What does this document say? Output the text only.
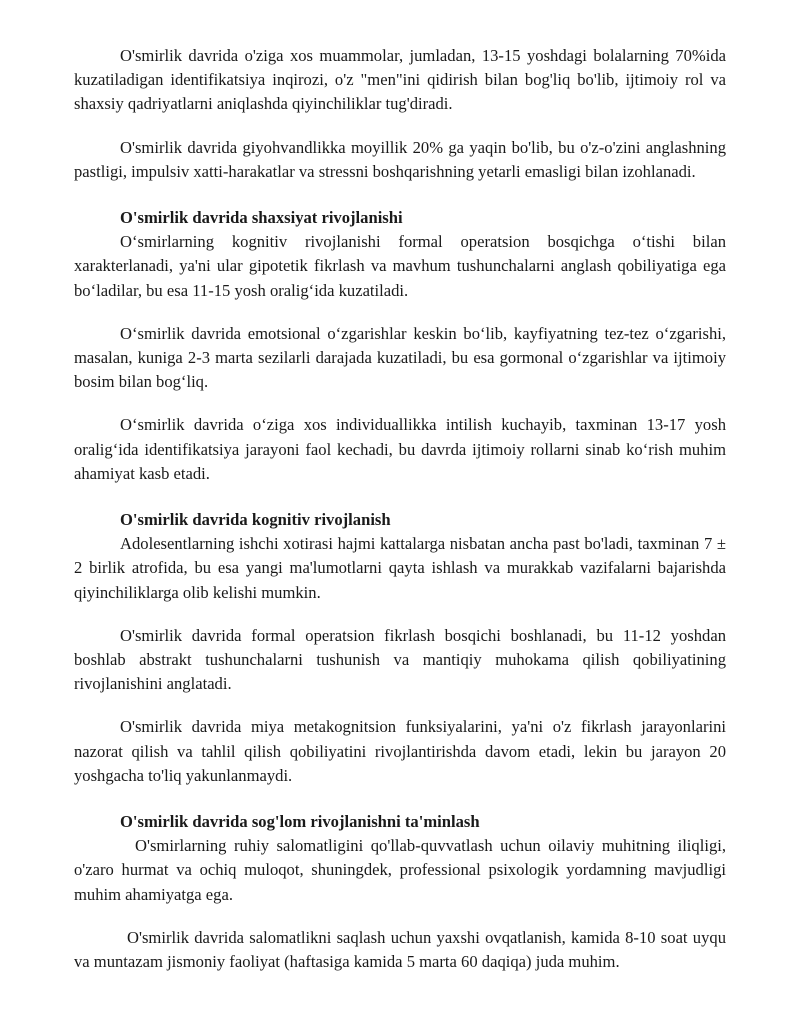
O'smirlik davrida o'ziga xos muammolar, jumladan, 13-15 yoshdagi bolalarning 70%ida kuzatiladigan identifikatsiya inqirozi, o'z "men"ini qidirish bilan bog'liq bo'lib, ijtimoiy rol va shaxsiy qadriyatlarni aniqlashda qiyinchiliklar tug'diradi.

O'smirlik davrida giyohvandlikka moyillik 20% ga yaqin bo'lib, bu o'z-o'zini anglashning pastligi, impulsiv xatti-harakatlar va stressni boshqarishning yetarli emasligi bilan izohlanadi.

O'smirlik davrida shaxsiyat rivojlanishi

O‘smirlarning kognitiv rivojlanishi formal operatsion bosqichga o‘tishi bilan xarakterlanadi, ya'ni ular gipotetik fikrlash va mavhum tushunchalarni anglash qobiliyatiga ega bo‘ladilar, bu esa 11-15 yosh oralig‘ida kuzatiladi.

O‘smirlik davrida emotsional o‘zgarishlar keskin bo‘lib, kayfiyatning tez-tez o‘zgarishi, masalan, kuniga 2-3 marta sezilarli darajada kuzatiladi, bu esa gormonal o‘zgarishlar va ijtimoiy bosim bilan bog‘liq.

O‘smirlik davrida o‘ziga xos individuallikka intilish kuchayib, taxminan 13-17 yosh oralig‘ida identifikatsiya jarayoni faol kechadi, bu davrda ijtimoiy rollarni sinab ko‘rish muhim ahamiyat kasb etadi.

O'smirlik davrida kognitiv rivojlanish

Adolesentlarning ishchi xotirasi hajmi kattalarga nisbatan ancha past bo'ladi, taxminan 7 ± 2 birlik atrofida, bu esa yangi ma'lumotlarni qayta ishlash va murakkab vazifalarni bajarishda qiyinchiliklarga olib kelishi mumkin.

O'smirlik davrida formal operatsion fikrlash bosqichi boshlanadi, bu 11-12 yoshdan boshlab abstrakt tushunchalarni tushunish va mantiqiy muhokama qilish qobiliyatining rivojlanishini anglatadi.

O'smirlik davrida miya metakognitsion funksiyalarini, ya'ni o'z fikrlash jarayonlarini nazorat qilish va tahlil qilish qobiliyatini rivojlantirishda davom etadi, lekin bu jarayon 20 yoshgacha to'liq yakunlanmaydi.

O'smirlik davrida sog'lom rivojlanishni ta'minlash

O'smirlarning ruhiy salomatligini qo'llab-quvvatlash uchun oilaviy muhitning iliqligi, o'zaro hurmat va ochiq muloqot, shuningdek, professional psixologik yordamning mavjudligi muhim ahamiyatga ega.

O'smirlik davrida salomatlikni saqlash uchun yaxshi ovqatlanish, kamida 8-10 soat uyqu va muntazam jismoniy faoliyat (haftasiga kamida 5 marta 60 daqiqa) juda muhim.
